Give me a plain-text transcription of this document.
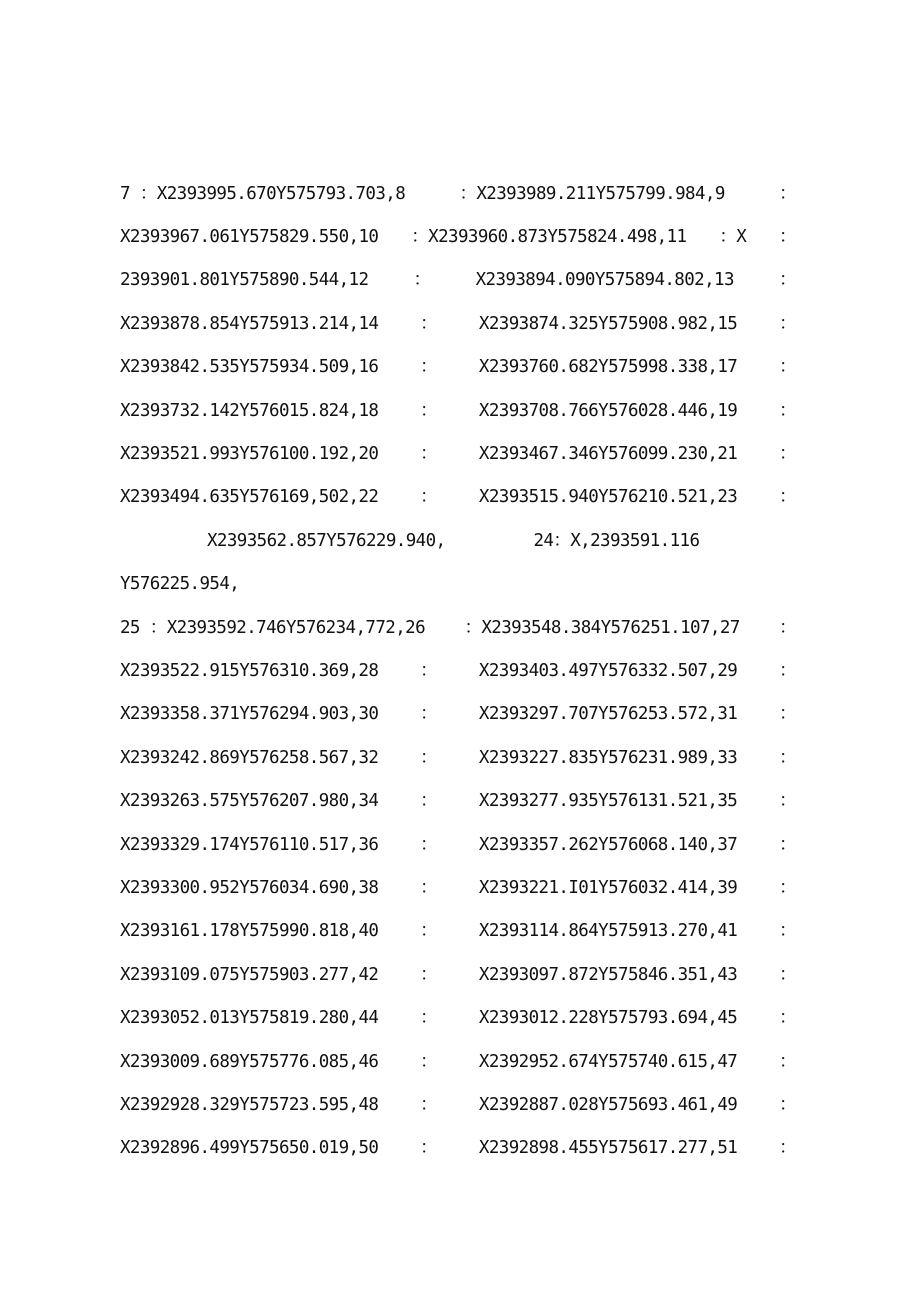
7 ：X2393995.670Y575793.703,8	：X2393989.211Y575799.984,9	：
X2393967.061Y575829.550,10 ：X2393960.873Y575824.498,11 ：X ：
2393901.801Y575890.544,12	：	X2393894.090Y575894.802,13	：
X2393878.854Y575913.214,14 ： X2393874.325Y575908.982,15 ：
X2393842.535Y575934.509,16 ： X2393760.682Y575998.338,17 ：
X2393732.142Y576015.824,18 ： X2393708.766Y576028.446,19 ：
X2393521.993Y576100.192,20 ： X2393467.346Y576099.230,21 ：
X2393494.635Y576169,502,22 ： X2393515.940Y576210.521,23 ：
X2393562.857Y576229.940,	24：X,2393591.116
Y576225.954,
25 ：X2393592.746Y576234,772,26 ：X2393548.384Y576251.107,27 ：
X2393522.915Y576310.369,28 ： X2393403.497Y576332.507,29 ：
X2393358.371Y576294.903,30 ： X2393297.707Y576253.572,31 ：
X2393242.869Y576258.567,32 ： X2393227.835Y576231.989,33 ：
X2393263.575Y576207.980,34 ： X2393277.935Y576131.521,35 ：
X2393329.174Y576110.517,36 ： X2393357.262Y576068.140,37 ：
X2393300.952Y576034.690,38 ： X2393221.I01Y576032.414,39 ：
X2393161.178Y575990.818,40 ： X2393114.864Y575913.270,41 ：
X2393109.075Y575903.277,42 ： X2393097.872Y575846.351,43 ：
X2393052.013Y575819.280,44 ： X2393012.228Y575793.694,45 ：
X2393009.689Y575776.085,46 ： X2392952.674Y575740.615,47 ：
X2392928.329Y575723.595,48 ： X2392887.028Y575693.461,49 ：
X2392896.499Y575650.019,50 ： X2392898.455Y575617.277,51 ：
